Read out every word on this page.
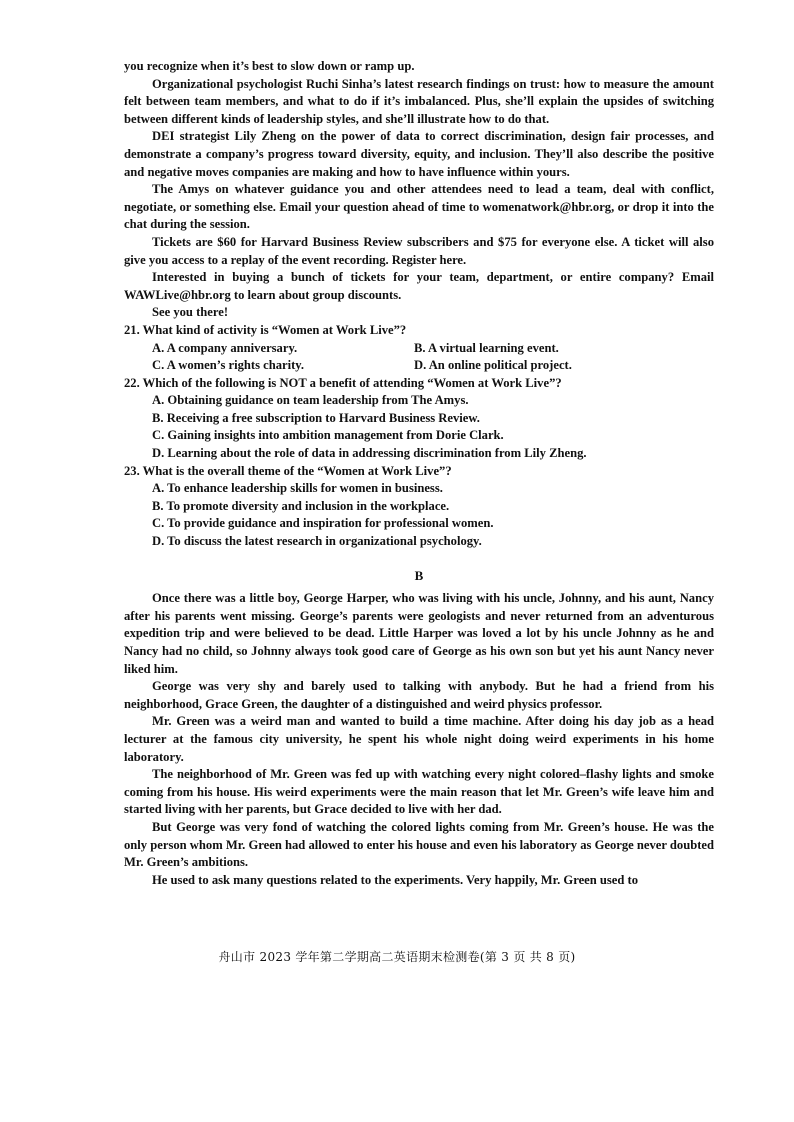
you recognize when it’s best to slow down or ramp up.

Organizational psychologist Ruchi Sinha’s latest research findings on trust: how to measure the amount felt between team members, and what to do if it’s imbalanced. Plus, she’ll explain the upsides of switching between different kinds of leadership styles, and she’ll illustrate how to do that.

DEI strategist Lily Zheng on the power of data to correct discrimination, design fair processes, and demonstrate a company’s progress toward diversity, equity, and inclusion. They’ll also describe the positive and negative moves companies are making and how to have influence within yours.

The Amys on whatever guidance you and other attendees need to lead a team, deal with conflict, negotiate, or something else. Email your question ahead of time to womenatwork@hbr.org, or drop it into the chat during the session.

Tickets are $60 for Harvard Business Review subscribers and $75 for everyone else. A ticket will also give you access to a replay of the event recording. Register here.

Interested in buying a bunch of tickets for your team, department, or entire company? Email WAWLive@hbr.org to learn about group discounts.

See you there!

21. What kind of activity is “Women at Work Live”?

A. A company anniversary.	B. A virtual learning event.
C. A women’s rights charity.	D. An online political project.

22. Which of the following is NOT a benefit of attending “Women at Work Live”?

A. Obtaining guidance on team leadership from The Amys.

B. Receiving a free subscription to Harvard Business Review.

C. Gaining insights into ambition management from Dorie Clark.

D. Learning about the role of data in addressing discrimination from Lily Zheng.

23. What is the overall theme of the “Women at Work Live”?

A. To enhance leadership skills for women in business.

B. To promote diversity and inclusion in the workplace.

C. To provide guidance and inspiration for professional women.

D. To discuss the latest research in organizational psychology.

B

Once there was a little boy, George Harper, who was living with his uncle, Johnny, and his aunt, Nancy after his parents went missing. George’s parents were geologists and never returned from an adventurous expedition trip and were believed to be dead. Little Harper was loved a lot by his uncle Johnny as he and Nancy had no child, so Johnny always took good care of George as his own son but yet his aunt Nancy never liked him.

George was very shy and barely used to talking with anybody. But he had a friend from his neighborhood, Grace Green, the daughter of a distinguished and weird physics professor.

Mr. Green was a weird man and wanted to build a time machine. After doing his day job as a head lecturer at the famous city university, he spent his whole night doing weird experiments in his home laboratory.

The neighborhood of Mr. Green was fed up with watching every night colored–flashy lights and smoke coming from his house. His weird experiments were the main reason that let Mr. Green’s wife leave him and started living with her parents, but Grace decided to live with her dad.

But George was very fond of watching the colored lights coming from Mr. Green’s house. He was the only person whom Mr. Green had allowed to enter his house and even his laboratory as George never doubted Mr. Green’s ambitions.

He used to ask many questions related to the experiments. Very happily, Mr. Green used to

舟山市 2023 学年第二学期高二英语期末检测卷(第 3 页 共 8 页)
